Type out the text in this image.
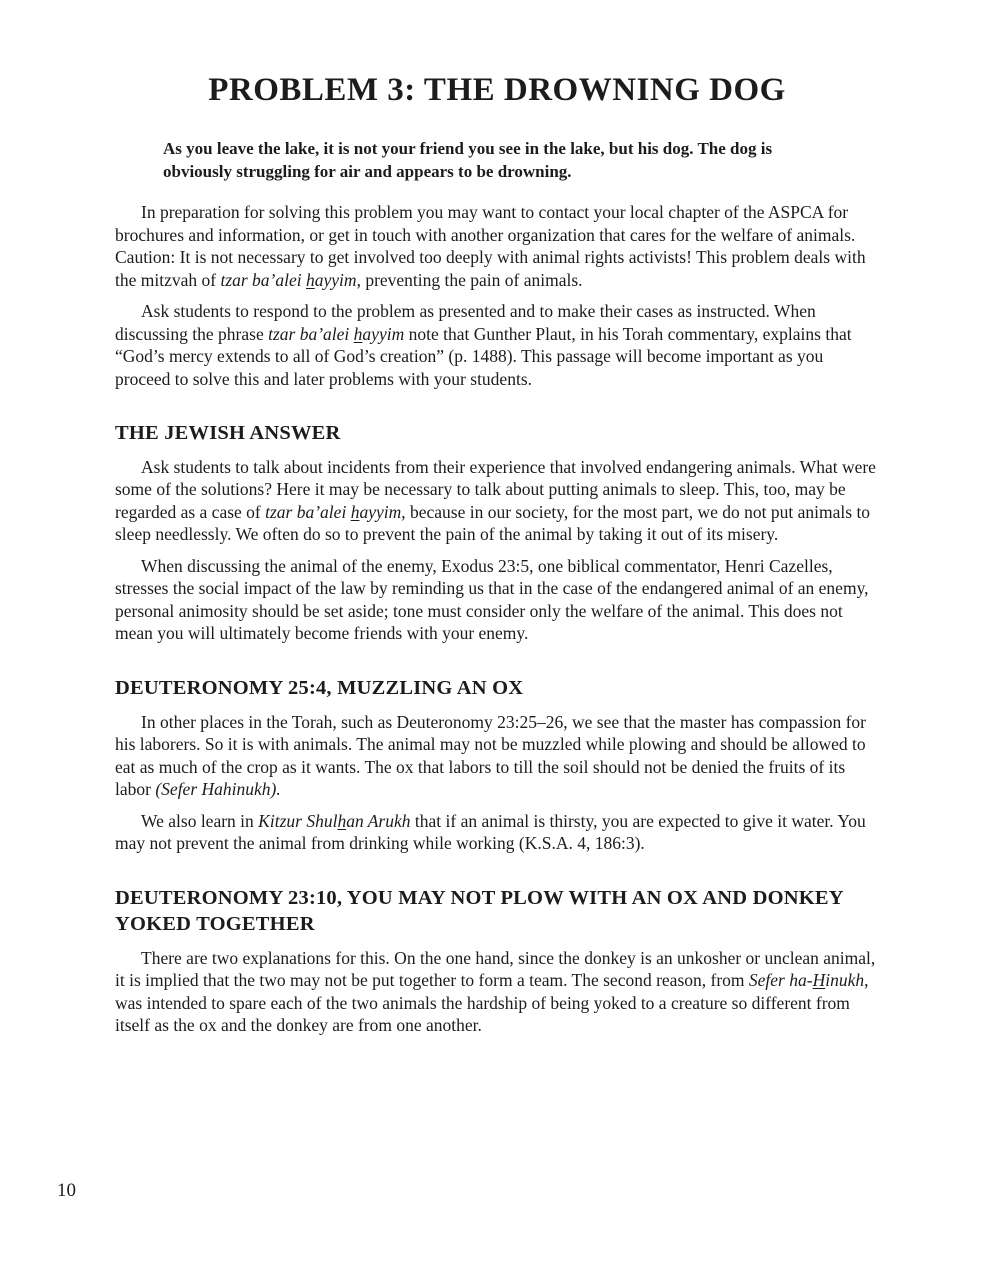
PROBLEM 3: THE DROWNING DOG

As you leave the lake, it is not your friend you see in the lake, but his dog. The dog is obviously struggling for air and appears to be drowning.

In preparation for solving this problem you may want to contact your local chapter of the ASPCA for brochures and information, or get in touch with another organization that cares for the welfare of animals. Caution: It is not necessary to get involved too deeply with animal rights activists! This problem deals with the mitzvah of tzar ba’alei hayyim, preventing the pain of animals.

Ask students to respond to the problem as presented and to make their cases as instructed. When discussing the phrase tzar ba’alei hayyim note that Gunther Plaut, in his Torah commentary, explains that “God’s mercy extends to all of God’s creation” (p. 1488). This passage will become important as you proceed to solve this and later problems with your students.

THE JEWISH ANSWER

Ask students to talk about incidents from their experience that involved endangering animals. What were some of the solutions? Here it may be necessary to talk about putting animals to sleep. This, too, may be regarded as a case of tzar ba’alei hayyim, because in our society, for the most part, we do not put animals to sleep needlessly. We often do so to prevent the pain of the animal by taking it out of its misery.

When discussing the animal of the enemy, Exodus 23:5, one biblical commentator, Henri Cazelles, stresses the social impact of the law by reminding us that in the case of the endangered animal of an enemy, personal animosity should be set aside; tone must consider only the welfare of the animal. This does not mean you will ultimately become friends with your enemy.

DEUTERONOMY 25:4, MUZZLING AN OX

In other places in the Torah, such as Deuteronomy 23:25–26, we see that the master has compassion for his laborers. So it is with animals. The animal may not be muzzled while plowing and should be allowed to eat as much of the crop as it wants. The ox that labors to till the soil should not be denied the fruits of its labor (Sefer Hahinukh).

We also learn in Kitzur Shulhan Arukh that if an animal is thirsty, you are expected to give it water. You may not prevent the animal from drinking while working (K.S.A. 4, 186:3).

DEUTERONOMY 23:10, YOU MAY NOT PLOW WITH AN OX AND DONKEY YOKED TOGETHER

There are two explanations for this. On the one hand, since the donkey is an unkosher or unclean animal, it is implied that the two may not be put together to form a team. The second reason, from Sefer ha-Hinukh, was intended to spare each of the two animals the hardship of being yoked to a creature so different from itself as the ox and the donkey are from one another.

10
